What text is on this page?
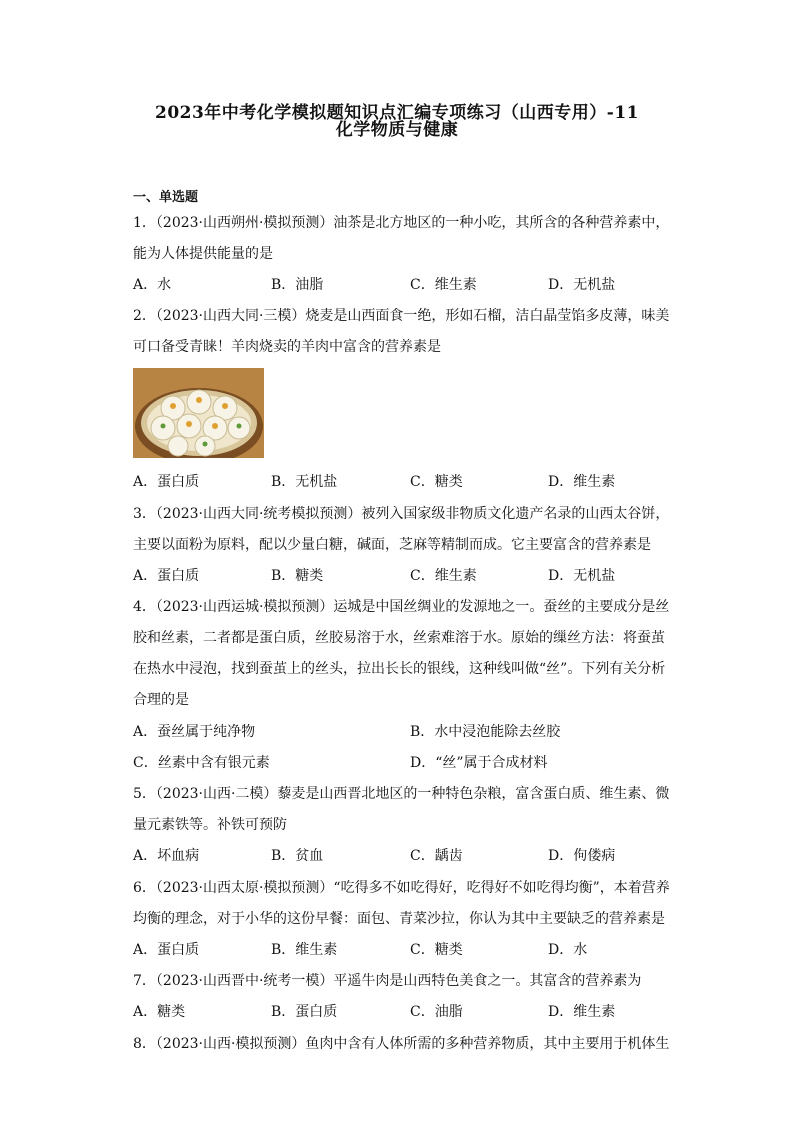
2023年中考化学模拟题知识点汇编专项练习（山西专用）-11
化学物质与健康
一、单选题
1．（2023·山西朔州·模拟预测）油茶是北方地区的一种小吃，其所含的各种营养素中，
能为人体提供能量的是
A．水	B．油脂	C．维生素	D．无机盐
2．（2023·山西大同·三模）烧麦是山西面食一绝，形如石榴，洁白晶莹馅多皮薄，味美
可口备受青睐！羊肉烧卖的羊肉中富含的营养素是
A．蛋白质	B．无机盐	C．糖类	D．维生素
3．（2023·山西大同·统考模拟预测）被列入国家级非物质文化遗产名录的山西太谷饼，
主要以面粉为原料，配以少量白糖，碱面，芝麻等精制而成。它主要富含的营养素是
A．蛋白质	B．糖类	C．维生素	D．无机盐
4．（2023·山西运城·模拟预测）运城是中国丝绸业的发源地之一。蚕丝的主要成分是丝
胶和丝素，二者都是蛋白质，丝胶易溶于水，丝索难溶于水。原始的缫丝方法：将蚕茧
在热水中浸泡，找到蚕茧上的丝头，拉出长长的银线，这种线叫做“丝”。下列有关分析
合理的是
A．蚕丝属于纯净物	B．水中浸泡能除去丝胶
C．丝素中含有银元素	D．“丝”属于合成材料
5．（2023·山西·二模）藜麦是山西晋北地区的一种特色杂粮，富含蛋白质、维生素、微
量元素铁等。补铁可预防
A．坏血病	B．贫血	C．龋齿	D．佝偻病
6．（2023·山西太原·模拟预测）“吃得多不如吃得好，吃得好不如吃得均衡”，本着营养
均衡的理念，对于小华的这份早餐：面包、青菜沙拉，你认为其中主要缺乏的营养素是
A．蛋白质	B．维生素	C．糖类	D．水
7．（2023·山西晋中·统考一模）平遥牛肉是山西特色美食之一。其富含的营养素为
A．糖类	B．蛋白质	C．油脂	D．维生素
8．（2023·山西·模拟预测）鱼肉中含有人体所需的多种营养物质，其中主要用于机体生
